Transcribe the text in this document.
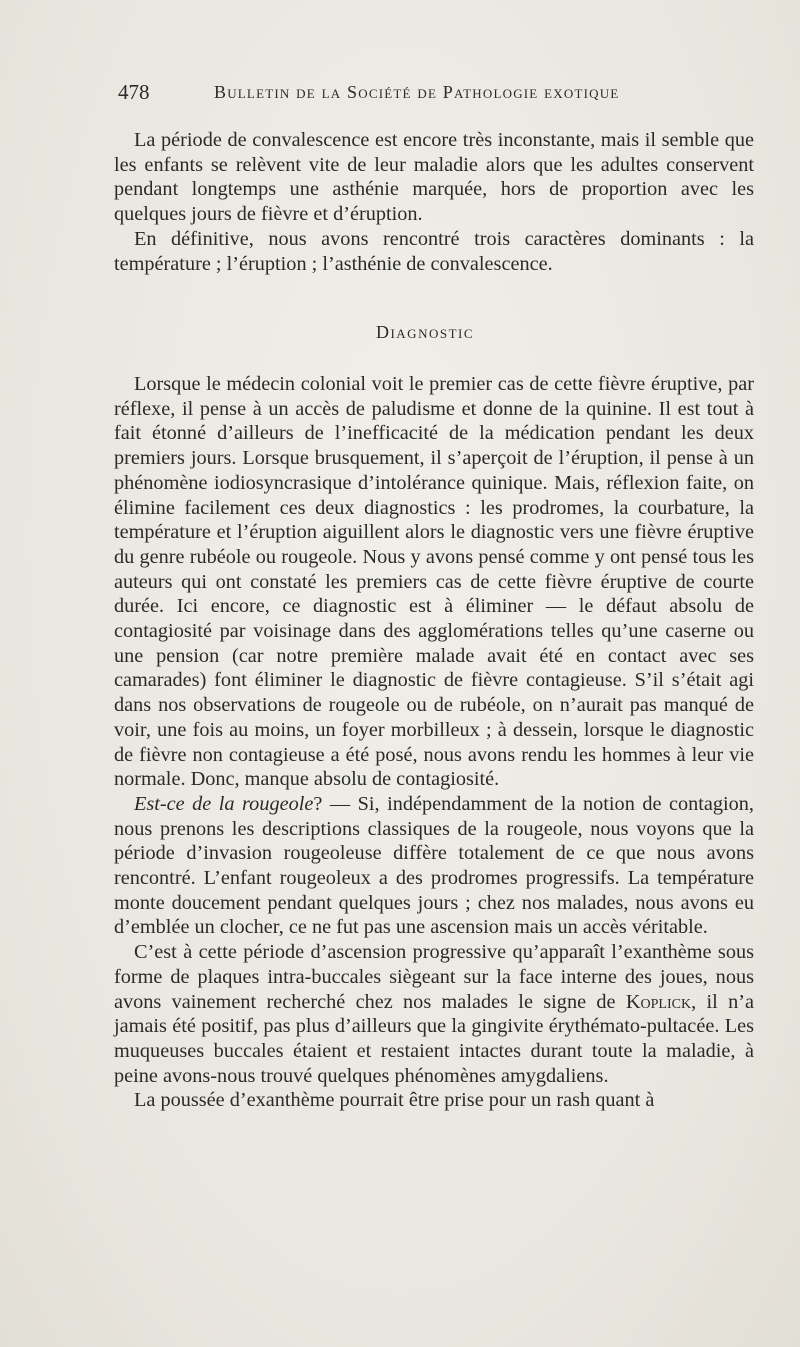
478	Bulletin de la Société de Pathologie exotique

La période de convalescence est encore très inconstante, mais il semble que les enfants se relèvent vite de leur maladie alors que les adultes conservent pendant longtemps une asthénie marquée, hors de proportion avec les quelques jours de fièvre et d’éruption.

En définitive, nous avons rencontré trois caractères dominants : la température ; l’éruption ; l’asthénie de convalescence.

Diagnostic

Lorsque le médecin colonial voit le premier cas de cette fièvre éruptive, par réflexe, il pense à un accès de paludisme et donne de la quinine. Il est tout à fait étonné d’ailleurs de l’inefficacité de la médication pendant les deux premiers jours. Lorsque brusquement, il s’aperçoit de l’éruption, il pense à un phénomène iodiosyncrasique d’intolérance quinique. Mais, réflexion faite, on élimine facilement ces deux diagnostics : les prodromes, la courbature, la température et l’éruption aiguillent alors le diagnostic vers une fièvre éruptive du genre rubéole ou rougeole. Nous y avons pensé comme y ont pensé tous les auteurs qui ont constaté les premiers cas de cette fièvre éruptive de courte durée. Ici encore, ce diagnostic est à éliminer — le défaut absolu de contagiosité par voisinage dans des agglomérations telles qu’une caserne ou une pension (car notre première malade avait été en contact avec ses camarades) font éliminer le diagnostic de fièvre contagieuse. S’il s’était agi dans nos observations de rougeole ou de rubéole, on n’aurait pas manqué de voir, une fois au moins, un foyer morbilleux ; à dessein, lorsque le diagnostic de fièvre non contagieuse a été posé, nous avons rendu les hommes à leur vie normale. Donc, manque absolu de contagiosité.

Est-ce de la rougeole? — Si, indépendamment de la notion de contagion, nous prenons les descriptions classiques de la rougeole, nous voyons que la période d’invasion rougeoleuse diffère totalement de ce que nous avons rencontré. L’enfant rougeoleux a des prodromes progressifs. La température monte doucement pendant quelques jours ; chez nos malades, nous avons eu d’emblée un clocher, ce ne fut pas une ascension mais un accès véritable.

C’est à cette période d’ascension progressive qu’apparaît l’exanthème sous forme de plaques intra-buccales siègeant sur la face interne des joues, nous avons vainement recherché chez nos malades le signe de Koplick, il n’a jamais été positif, pas plus d’ailleurs que la gingivite érythémato-pultacée. Les muqueuses buccales étaient et restaient intactes durant toute la maladie, à peine avons-nous trouvé quelques phénomènes amygdaliens.

La poussée d’exanthème pourrait être prise pour un rash quant à
